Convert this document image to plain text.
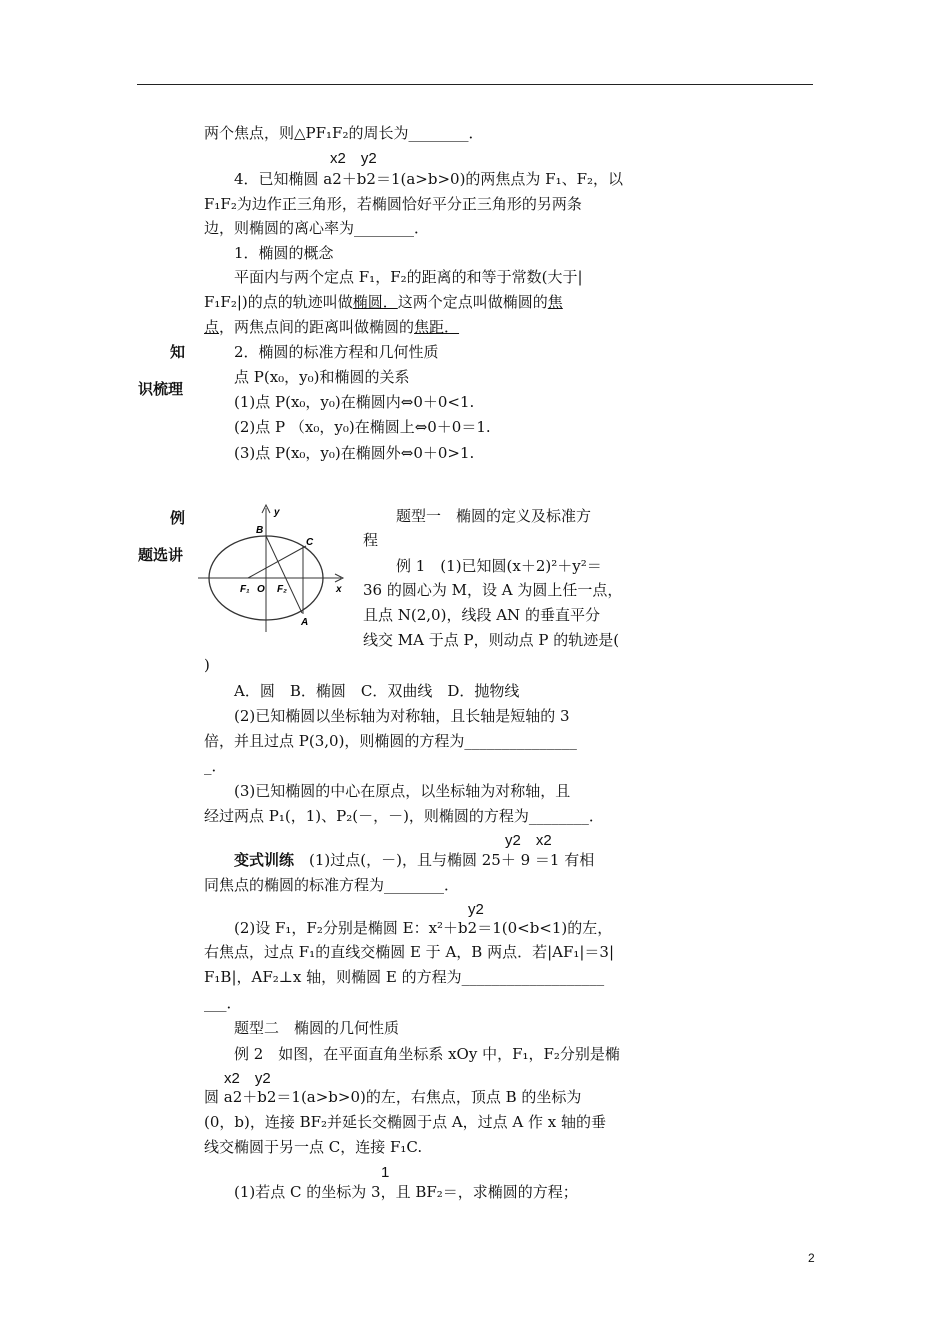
两个焦点，则△PF₁F₂的周长为________．
x2　y2
4．已知椭圆 a2＋b2＝1(a>b>0)的两焦点为 F₁、F₂，以
F₁F₂为边作正三角形，若椭圆恰好平分正三角形的另两条
边，则椭圆的离心率为________．
1．椭圆的概念
平面内与两个定点 F₁，F₂的距离的和等于常数(大于|
F₁F₂|)的点的轨迹叫做椭圆．这两个定点叫做椭圆的焦
点，两焦点间的距离叫做椭圆的焦距．
2．椭圆的标准方程和几何性质
点 P(x₀，y₀)和椭圆的关系
(1)点 P(x₀，y₀)在椭圆内⇔0＋0<1.
(2)点 P （x₀，y₀)在椭圆上⇔0＋0＝1.
(3)点 P(x₀，y₀)在椭圆外⇔0＋0>1.
知
识梳理
例
题选讲
y
x
B
C
A
O
F₁	F₂
题型一　椭圆的定义及标准方
程
例 1　(1)已知圆(x＋2)²＋y²＝
36 的圆心为 M，设 A 为圆上任一点，
且点 N(2,0)，线段 AN 的垂直平分
线交 MA 于点 P，则动点 P 的轨迹是(
)
A．圆　B．椭圆　C．双曲线　D．抛物线
(2)已知椭圆以坐标轴为对称轴，且长轴是短轴的 3
倍，并且过点 P(3,0)，则椭圆的方程为_______________
_．
(3)已知椭圆的中心在原点，以坐标轴为对称轴，且
经过两点 P₁(，1)、P₂(－，－)，则椭圆的方程为________．
y2　x2
变式训练　(1)过点(，－)，且与椭圆 25＋ 9 ＝1 有相
同焦点的椭圆的标准方程为________．
y2
(2)设 F₁，F₂分别是椭圆 E：x²＋b2＝1(0<b<1)的左，
右焦点，过点 F₁的直线交椭圆 E 于 A，B 两点．若|AF₁|＝3|
F₁B|，AF₂⊥x 轴，则椭圆 E 的方程为___________________
___．
题型二　椭圆的几何性质
例 2　如图，在平面直角坐标系 xOy 中，F₁，F₂分别是椭
x2　y2
圆 a2＋b2＝1(a>b>0)的左，右焦点，顶点 B 的坐标为
(0，b)，连接 BF₂并延长交椭圆于点 A，过点 A 作 x 轴的垂
线交椭圆于另一点 C，连接 F₁C.
1
(1)若点 C 的坐标为 3，且 BF₂＝，求椭圆的方程；
2
